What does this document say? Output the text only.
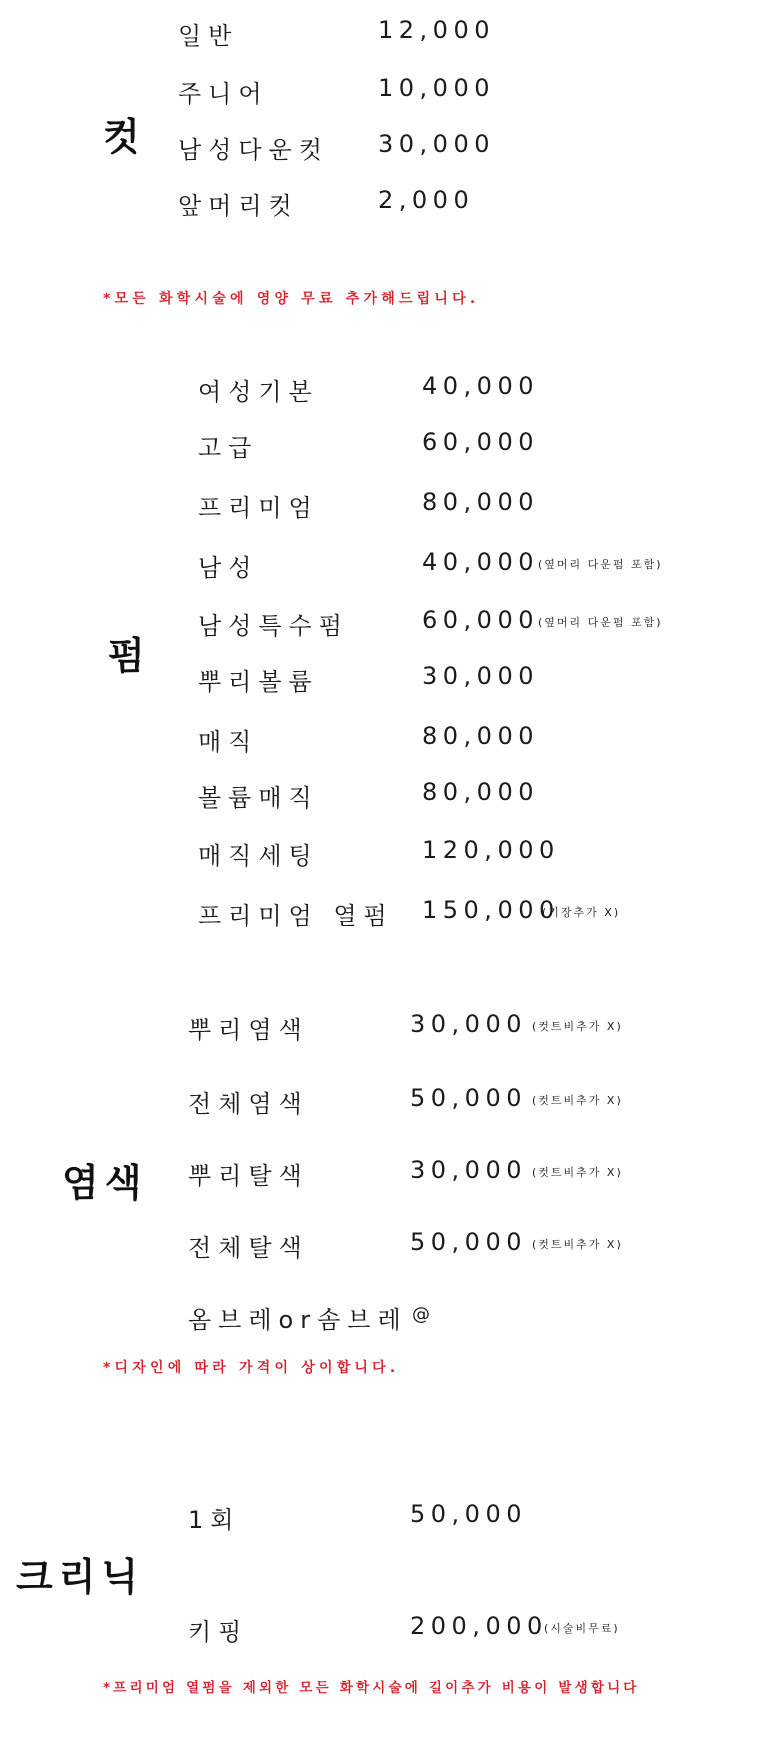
컷
일반	12,000
주니어	10,000
남성다운컷 30,000
앞머리컷	2,000
*모든 화학시술에 영양 무료 추가해드립니다.
펌
여성기본	40,000
고급	60,000
프리미엄	80,000
남성	40,000 (옆머리 다운펌 포함)
남성특수펌	60,000 (옆머리 다운펌 포함)
뿌리볼륨	30,000
매직	80,000
볼륨매직	80,000
매직세팅	120,000
프리미엄 열펌 150,000
(기장추가 X)
염색
뿌리염색	30,000 (컷트비추가 X)
전체염색	50,000 (컷트비추가 X)
뿌리탈색	30,000 (컷트비추가 X)
전체탈색	50,000 (컷트비추가 X)
옴브레or솜브레 @
*디자인에 따라 가격이 상이합니다.
크리닉
1회	50,000
키핑	200,000
(시술비무료)
*프리미엄 열펌을 제외한 모든 화학시술에 길이추가 비용이 발생합니다
